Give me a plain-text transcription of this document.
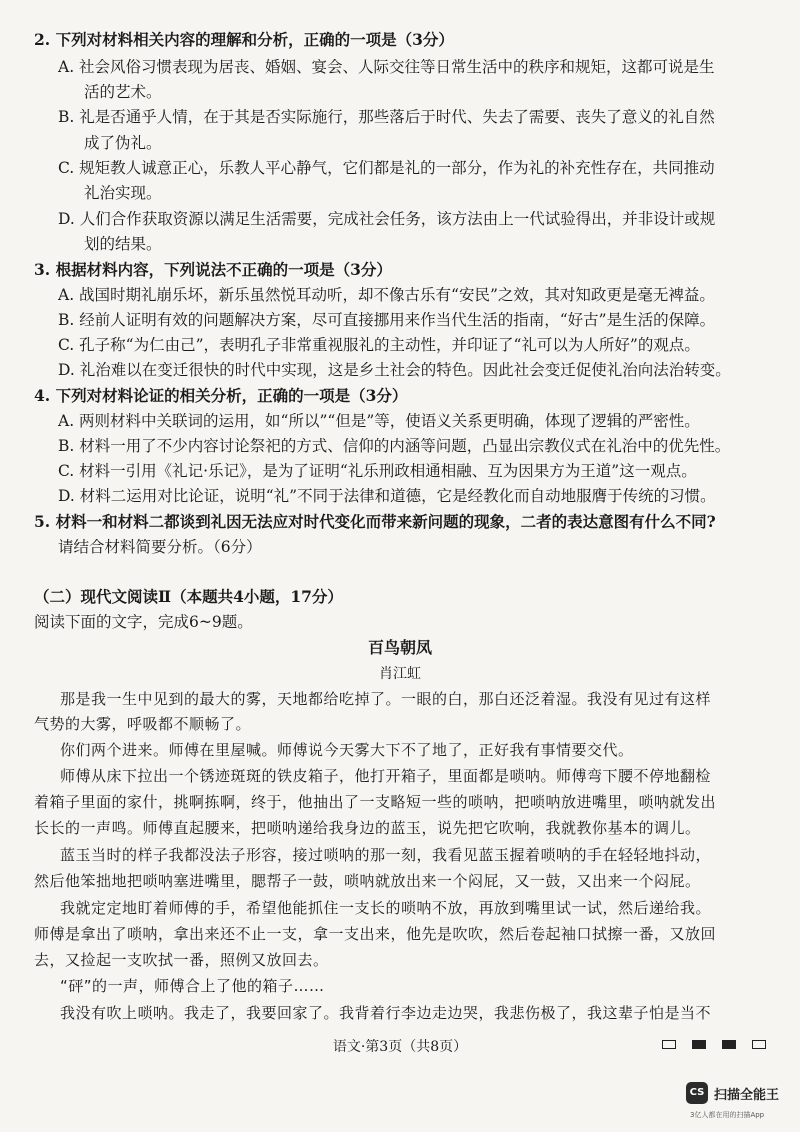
2. 下列对材料相关内容的理解和分析，正确的一项是（3分）
A. 社会风俗习惯表现为居丧、婚姻、宴会、人际交往等日常生活中的秩序和规矩，这都可说是生
活的艺术。
B. 礼是否通乎人情，在于其是否实际施行，那些落后于时代、失去了需要、丧失了意义的礼自然
成了伪礼。
C. 规矩教人诚意正心，乐教人平心静气，它们都是礼的一部分，作为礼的补充性存在，共同推动
礼治实现。
D. 人们合作获取资源以满足生活需要，完成社会任务，该方法由上一代试验得出，并非设计或规
划的结果。
3. 根据材料内容，下列说法不正确的一项是（3分）
A. 战国时期礼崩乐坏，新乐虽然悦耳动听，却不像古乐有“安民”之效，其对知政更是毫无裨益。
B. 经前人证明有效的问题解决方案，尽可直接挪用来作当代生活的指南，“好古”是生活的保障。
C. 孔子称“为仁由己”，表明孔子非常重视服礼的主动性，并印证了“礼可以为人所好”的观点。
D. 礼治难以在变迁很快的时代中实现，这是乡土社会的特色。因此社会变迁促使礼治向法治转变。
4. 下列对材料论证的相关分析，正确的一项是（3分）
A. 两则材料中关联词的运用，如“所以”“但是”等，使语义关系更明确，体现了逻辑的严密性。
B. 材料一用了不少内容讨论祭祀的方式、信仰的内涵等问题，凸显出宗教仪式在礼治中的优先性。
C. 材料一引用《礼记·乐记》，是为了证明“礼乐刑政相通相融、互为因果方为王道”这一观点。
D. 材料二运用对比论证，说明“礼”不同于法律和道德，它是经教化而自动地服膺于传统的习惯。
5. 材料一和材料二都谈到礼因无法应对时代变化而带来新问题的现象，二者的表达意图有什么不同?
请结合材料简要分析。（6分）
（二）现代文阅读Ⅱ（本题共4小题，17分）
阅读下面的文字，完成6~9题。
百鸟朝凤
肖江虹
那是我一生中见到的最大的雾，天地都给吃掉了。一眼的白，那白还泛着湿。我没有见过有这样
气势的大雾，呼吸都不顺畅了。
你们两个进来。师傅在里屋喊。师傅说今天雾大下不了地了，正好我有事情要交代。
师傅从床下拉出一个锈迹斑斑的铁皮箱子，他打开箱子，里面都是唢呐。师傅弯下腰不停地翻检
着箱子里面的家什，挑啊拣啊，终于，他抽出了一支略短一些的唢呐，把唢呐放进嘴里，唢呐就发出
长长的一声鸣。师傅直起腰来，把唢呐递给我身边的蓝玉，说先把它吹响，我就教你基本的调儿。
蓝玉当时的样子我都没法子形容，接过唢呐的那一刻，我看见蓝玉握着唢呐的手在轻轻地抖动，
然后他笨拙地把唢呐塞进嘴里，腮帮子一鼓，唢呐就放出来一个闷屁，又一鼓，又出来一个闷屁。
我就定定地盯着师傅的手，希望他能抓住一支长的唢呐不放，再放到嘴里试一试，然后递给我。
师傅是拿出了唢呐，拿出来还不止一支，拿一支出来，他先是吹吹，然后卷起袖口拭擦一番，又放回
去，又捡起一支吹拭一番，照例又放回去。
“砰”的一声，师傅合上了他的箱子……
我没有吹上唢呐。我走了，我要回家了。我背着行李边走边哭，我悲伤极了，我这辈子怕是当不
语文·第3页（共8页）
CS 扫描全能王
3亿人都在用的扫描App
